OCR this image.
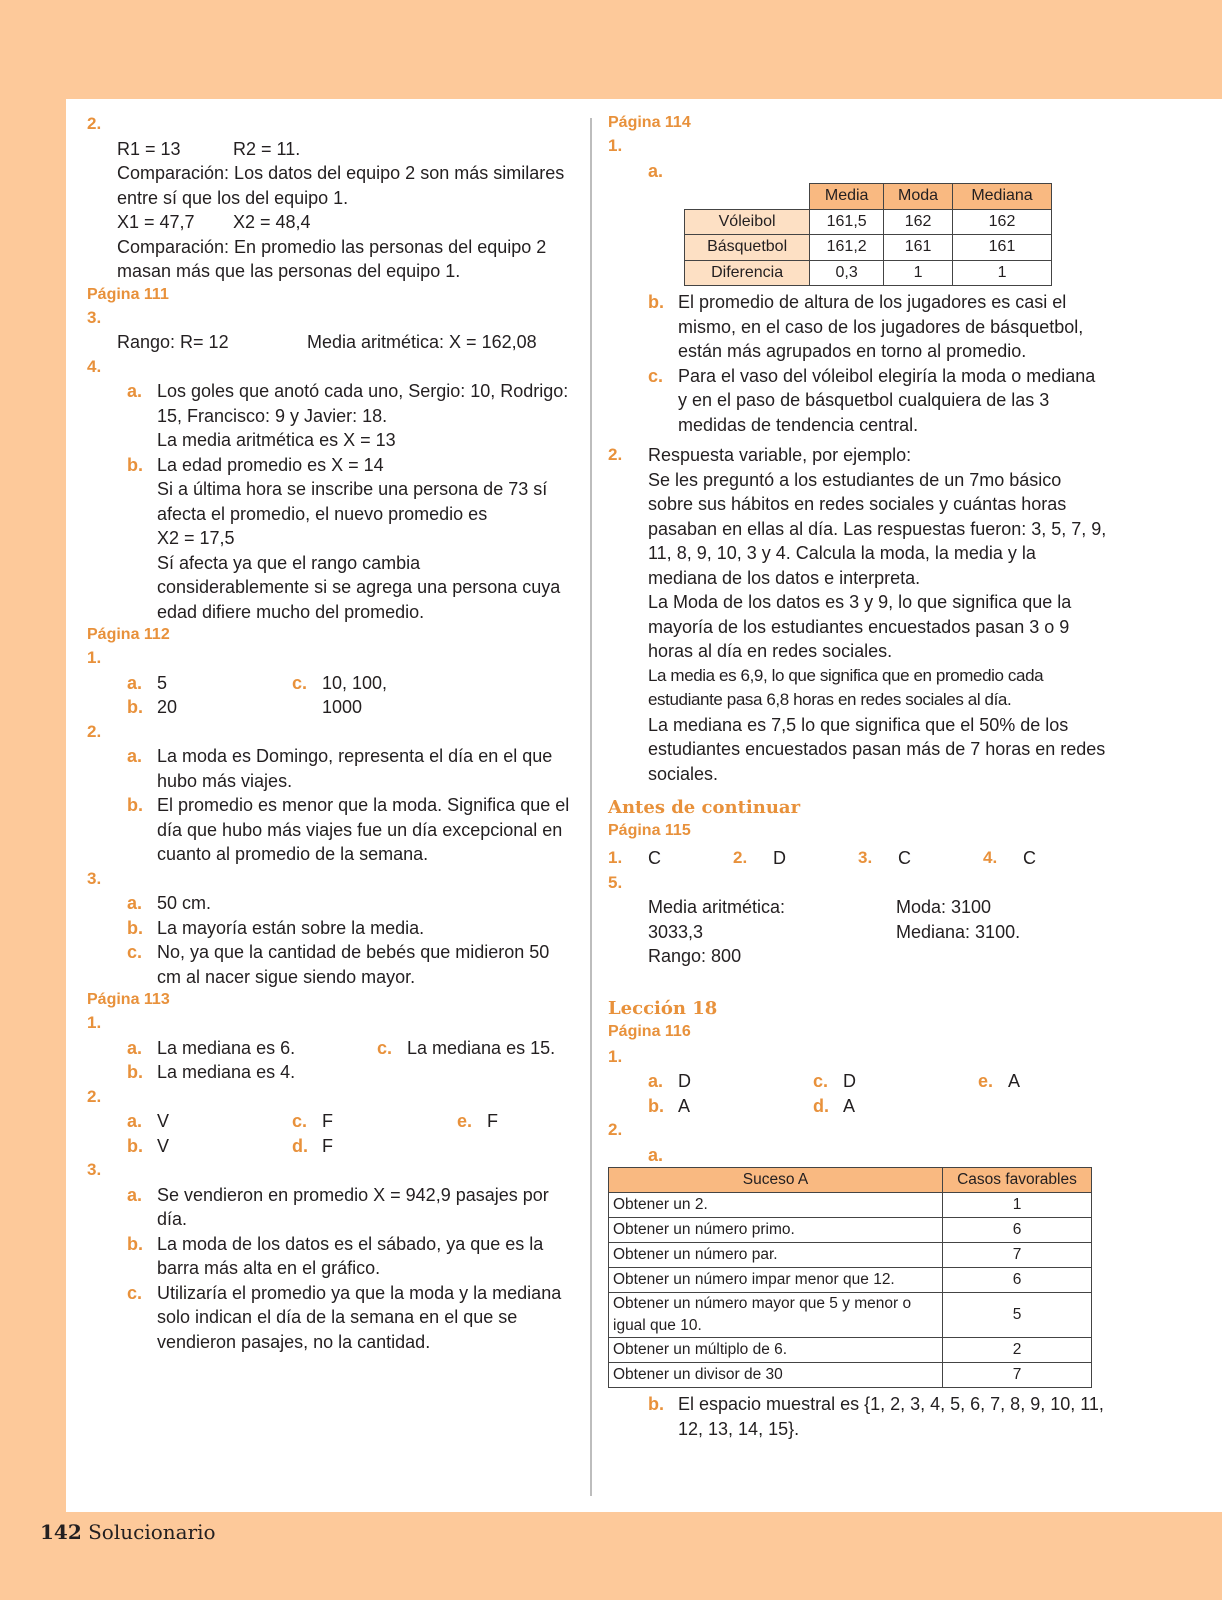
2.
R1 = 13	R2 = 11.
Comparación: Los datos del equipo 2 son más similares entre sí que los del equipo 1.
X1 = 47,7	X2 = 48,4
Comparación: En promedio las personas del equipo 2 masan más que las personas del equipo 1.
Página 111
3.
Rango: R= 12	Media aritmética: X = 162,08
4.
a. Los goles que anotó cada uno, Sergio: 10, Rodrigo: 15, Francisco: 9 y Javier: 18.
La media aritmética es X = 13
b. La edad promedio es X = 14
Si a última hora se inscribe una persona de 73 sí afecta el promedio, el nuevo promedio es
X2 = 17,5
Sí afecta ya que el rango cambia considerablemente si se agrega una persona cuya edad difiere mucho del promedio.
Página 112
1.
a. 5
b. 20
c. 10, 100, 1000
2.
a. La moda es Domingo, representa el día en el que hubo más viajes.
b. El promedio es menor que la moda. Significa que el día que hubo más viajes fue un día excepcional en cuanto al promedio de la semana.
3.
a. 50 cm.
b. La mayoría están sobre la media.
c. No, ya que la cantidad de bebés que midieron 50 cm al nacer sigue siendo mayor.
Página 113
1.
a. La mediana es 6.
b. La mediana es 4.
c. La mediana es 15.
2.
a. V
b. V
c. F
d. F
e. F
3.
a. Se vendieron en promedio X = 942,9 pasajes por día.
b. La moda de los datos es el sábado, ya que es la barra más alta en el gráfico.
c. Utilizaría el promedio ya que la moda y la mediana solo indican el día de la semana en el que se vendieron pasajes, no la cantidad.
Página 114
1.
a.
	Media	Moda	Mediana
Vóleibol	161,5	162	162
Básquetbol	161,2	161	161
Diferencia	0,3	1	1
b. El promedio de altura de los jugadores es casi el mismo, en el caso de los jugadores de básquetbol, están más agrupados en torno al promedio.
c. Para el vaso del vóleibol elegiría la moda o mediana y en el paso de básquetbol cualquiera de las 3 medidas de tendencia central.
2.	Respuesta variable, por ejemplo:
Se les preguntó a los estudiantes de un 7mo básico sobre sus hábitos en redes sociales y cuántas horas pasaban en ellas al día. Las respuestas fueron: 3, 5, 7, 9, 11, 8, 9, 10, 3 y 4. Calcula la moda, la media y la mediana de los datos e interpreta.
La Moda de los datos es 3 y 9, lo que significa que la mayoría de los estudiantes encuestados pasan 3 o 9 horas al día en redes sociales.
La media es 6,9, lo que significa que en promedio cada estudiante pasa 6,8 horas en redes sociales al día.
La mediana es 7,5 lo que significa que el 50% de los estudiantes encuestados pasan más de 7 horas en redes sociales.
Antes de continuar
Página 115
1.	C	2.	D	3.	C	4.	C
5.
Media aritmética:
3033,3
Rango: 800
Moda: 3100
Mediana: 3100.
Lección 18
Página 116
1.
a. D
b. A
c. D
d. A
e. A
2.
a.
Suceso A	Casos favorables
Obtener un 2.	1
Obtener un número primo.	6
Obtener un número par.	7
Obtener un número impar menor que 12.	6
Obtener un número mayor que 5 y menor o igual que 10.	5
Obtener un múltiplo de 6.	2
Obtener un divisor de 30	7
b. El espacio muestral es {1, 2, 3, 4, 5, 6, 7, 8, 9, 10, 11, 12, 13, 14, 15}.
142 Solucionario
